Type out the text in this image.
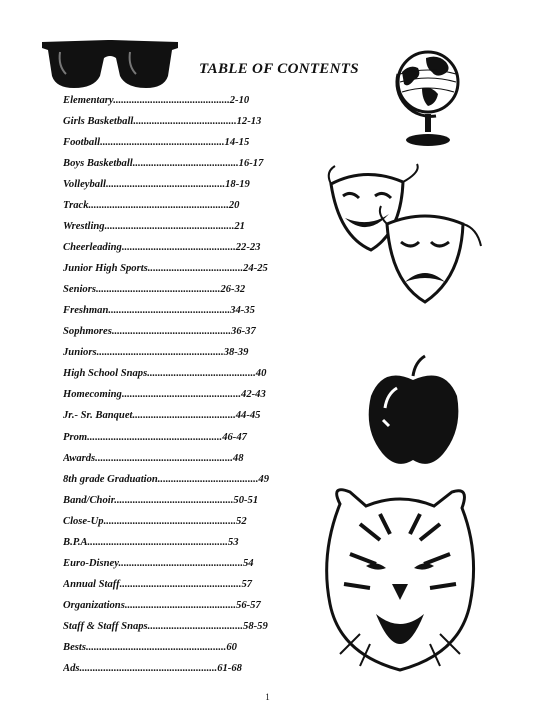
TABLE OF CONTENTS
Elementary............................................2-10
Girls Basketball.......................................12-13
Football...............................................14-15
Boys Basketball........................................16-17
Volleyball.............................................18-19
Track.....................................................20
Wrestling.................................................21
Cheerleading...........................................22-23
Junior High Sports....................................24-25
Seniors...............................................26-32
Freshman..............................................34-35
Sophmores.............................................36-37
Juniors................................................38-39
High School Snaps.........................................40
Homecoming.............................................42-43
Jr.- Sr. Banquet.......................................44-45
Prom...................................................46-47
Awards....................................................48
8th grade Graduation......................................49
Band/Choir.............................................50-51
Close-Up..................................................52
B.P.A.....................................................53
Euro-Disney...............................................54
Annual Staff..............................................57
Organizations..........................................56-57
Staff & Staff Snaps....................................58-59
Bests.....................................................60
Ads....................................................61-68
1
